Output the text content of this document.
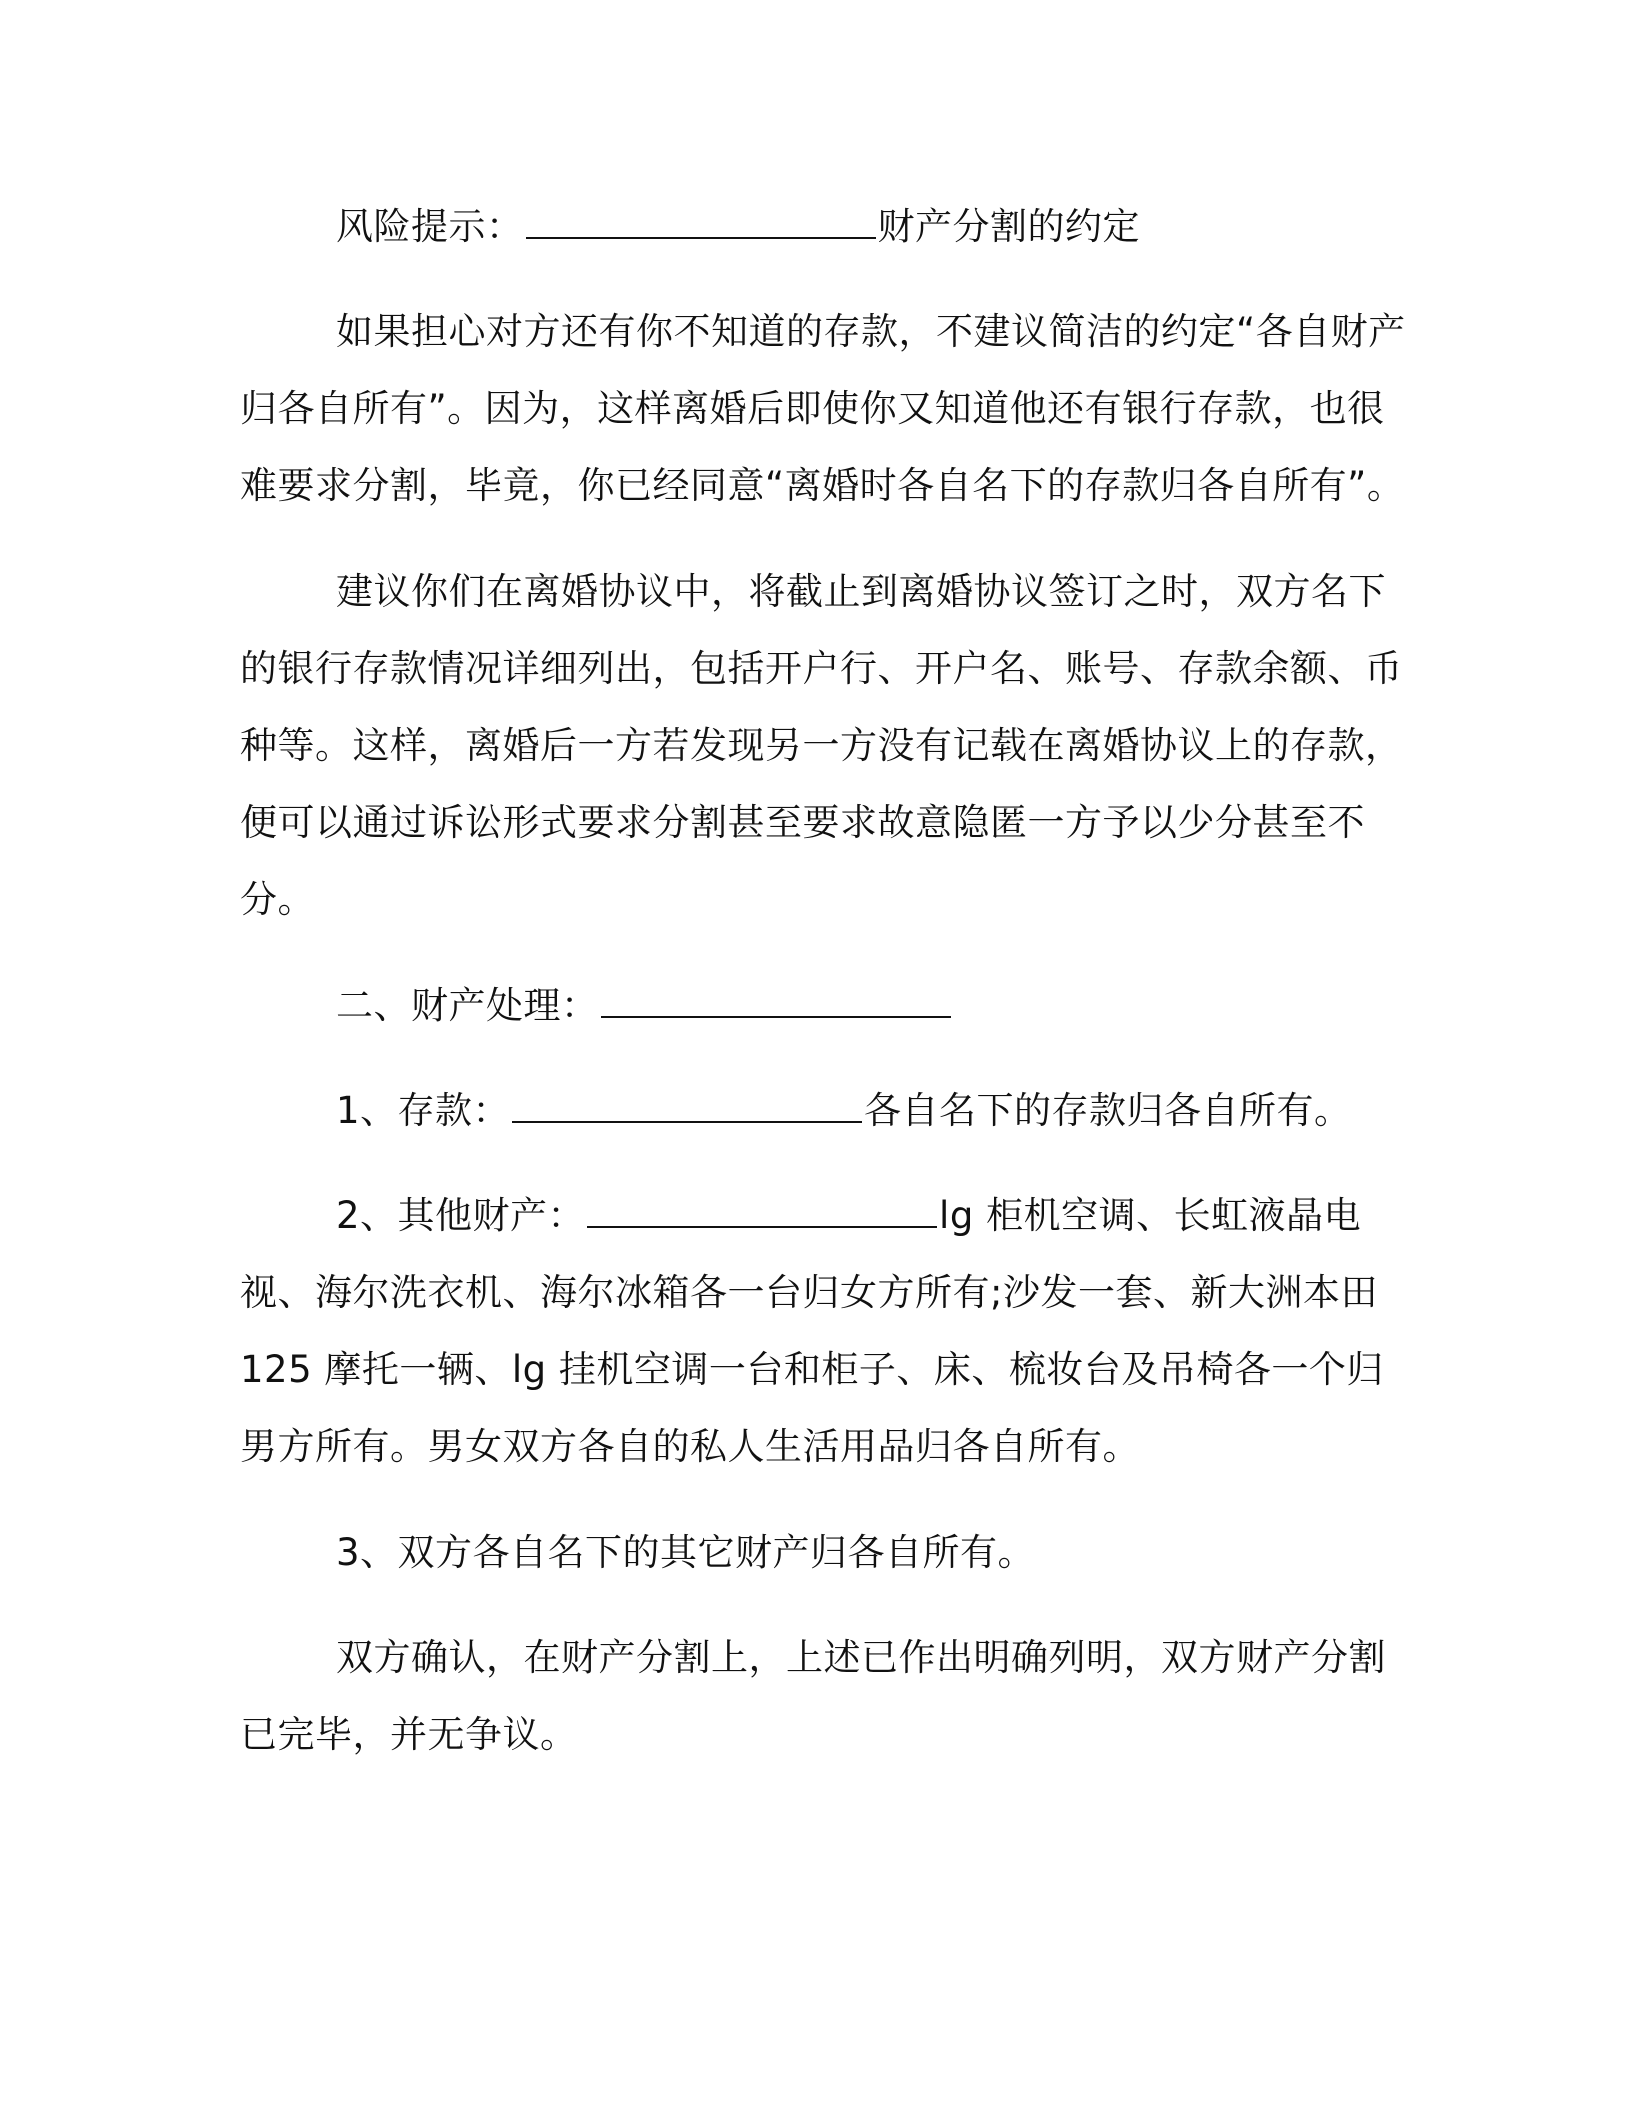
风险提示：	财产分割的约定

如果担心对方还有你不知道的存款，不建议简洁的约定“各自财产归各自所有”。因为，这样离婚后即使你又知道他还有银行存款，也很难要求分割，毕竟，你已经同意“离婚时各自名下的存款归各自所有”。

建议你们在离婚协议中，将截止到离婚协议签订之时，双方名下的银行存款情况详细列出，包括开户行、开户名、账号、存款余额、币种等。这样，离婚后一方若发现另一方没有记载在离婚协议上的存款，便可以通过诉讼形式要求分割甚至要求故意隐匿一方予以少分甚至不分。

二、财产处理：

1、存款：	各自名下的存款归各自所有。

2、其他财产：	lg 柜机空调、长虹液晶电视、海尔洗衣机、海尔冰箱各一台归女方所有;沙发一套、新大洲本田 125 摩托一辆、lg 挂机空调一台和柜子、床、梳妆台及吊椅各一个归男方所有。男女双方各自的私人生活用品归各自所有。

3、双方各自名下的其它财产归各自所有。

双方确认，在财产分割上，上述已作出明确列明，双方财产分割已完毕，并无争议。
